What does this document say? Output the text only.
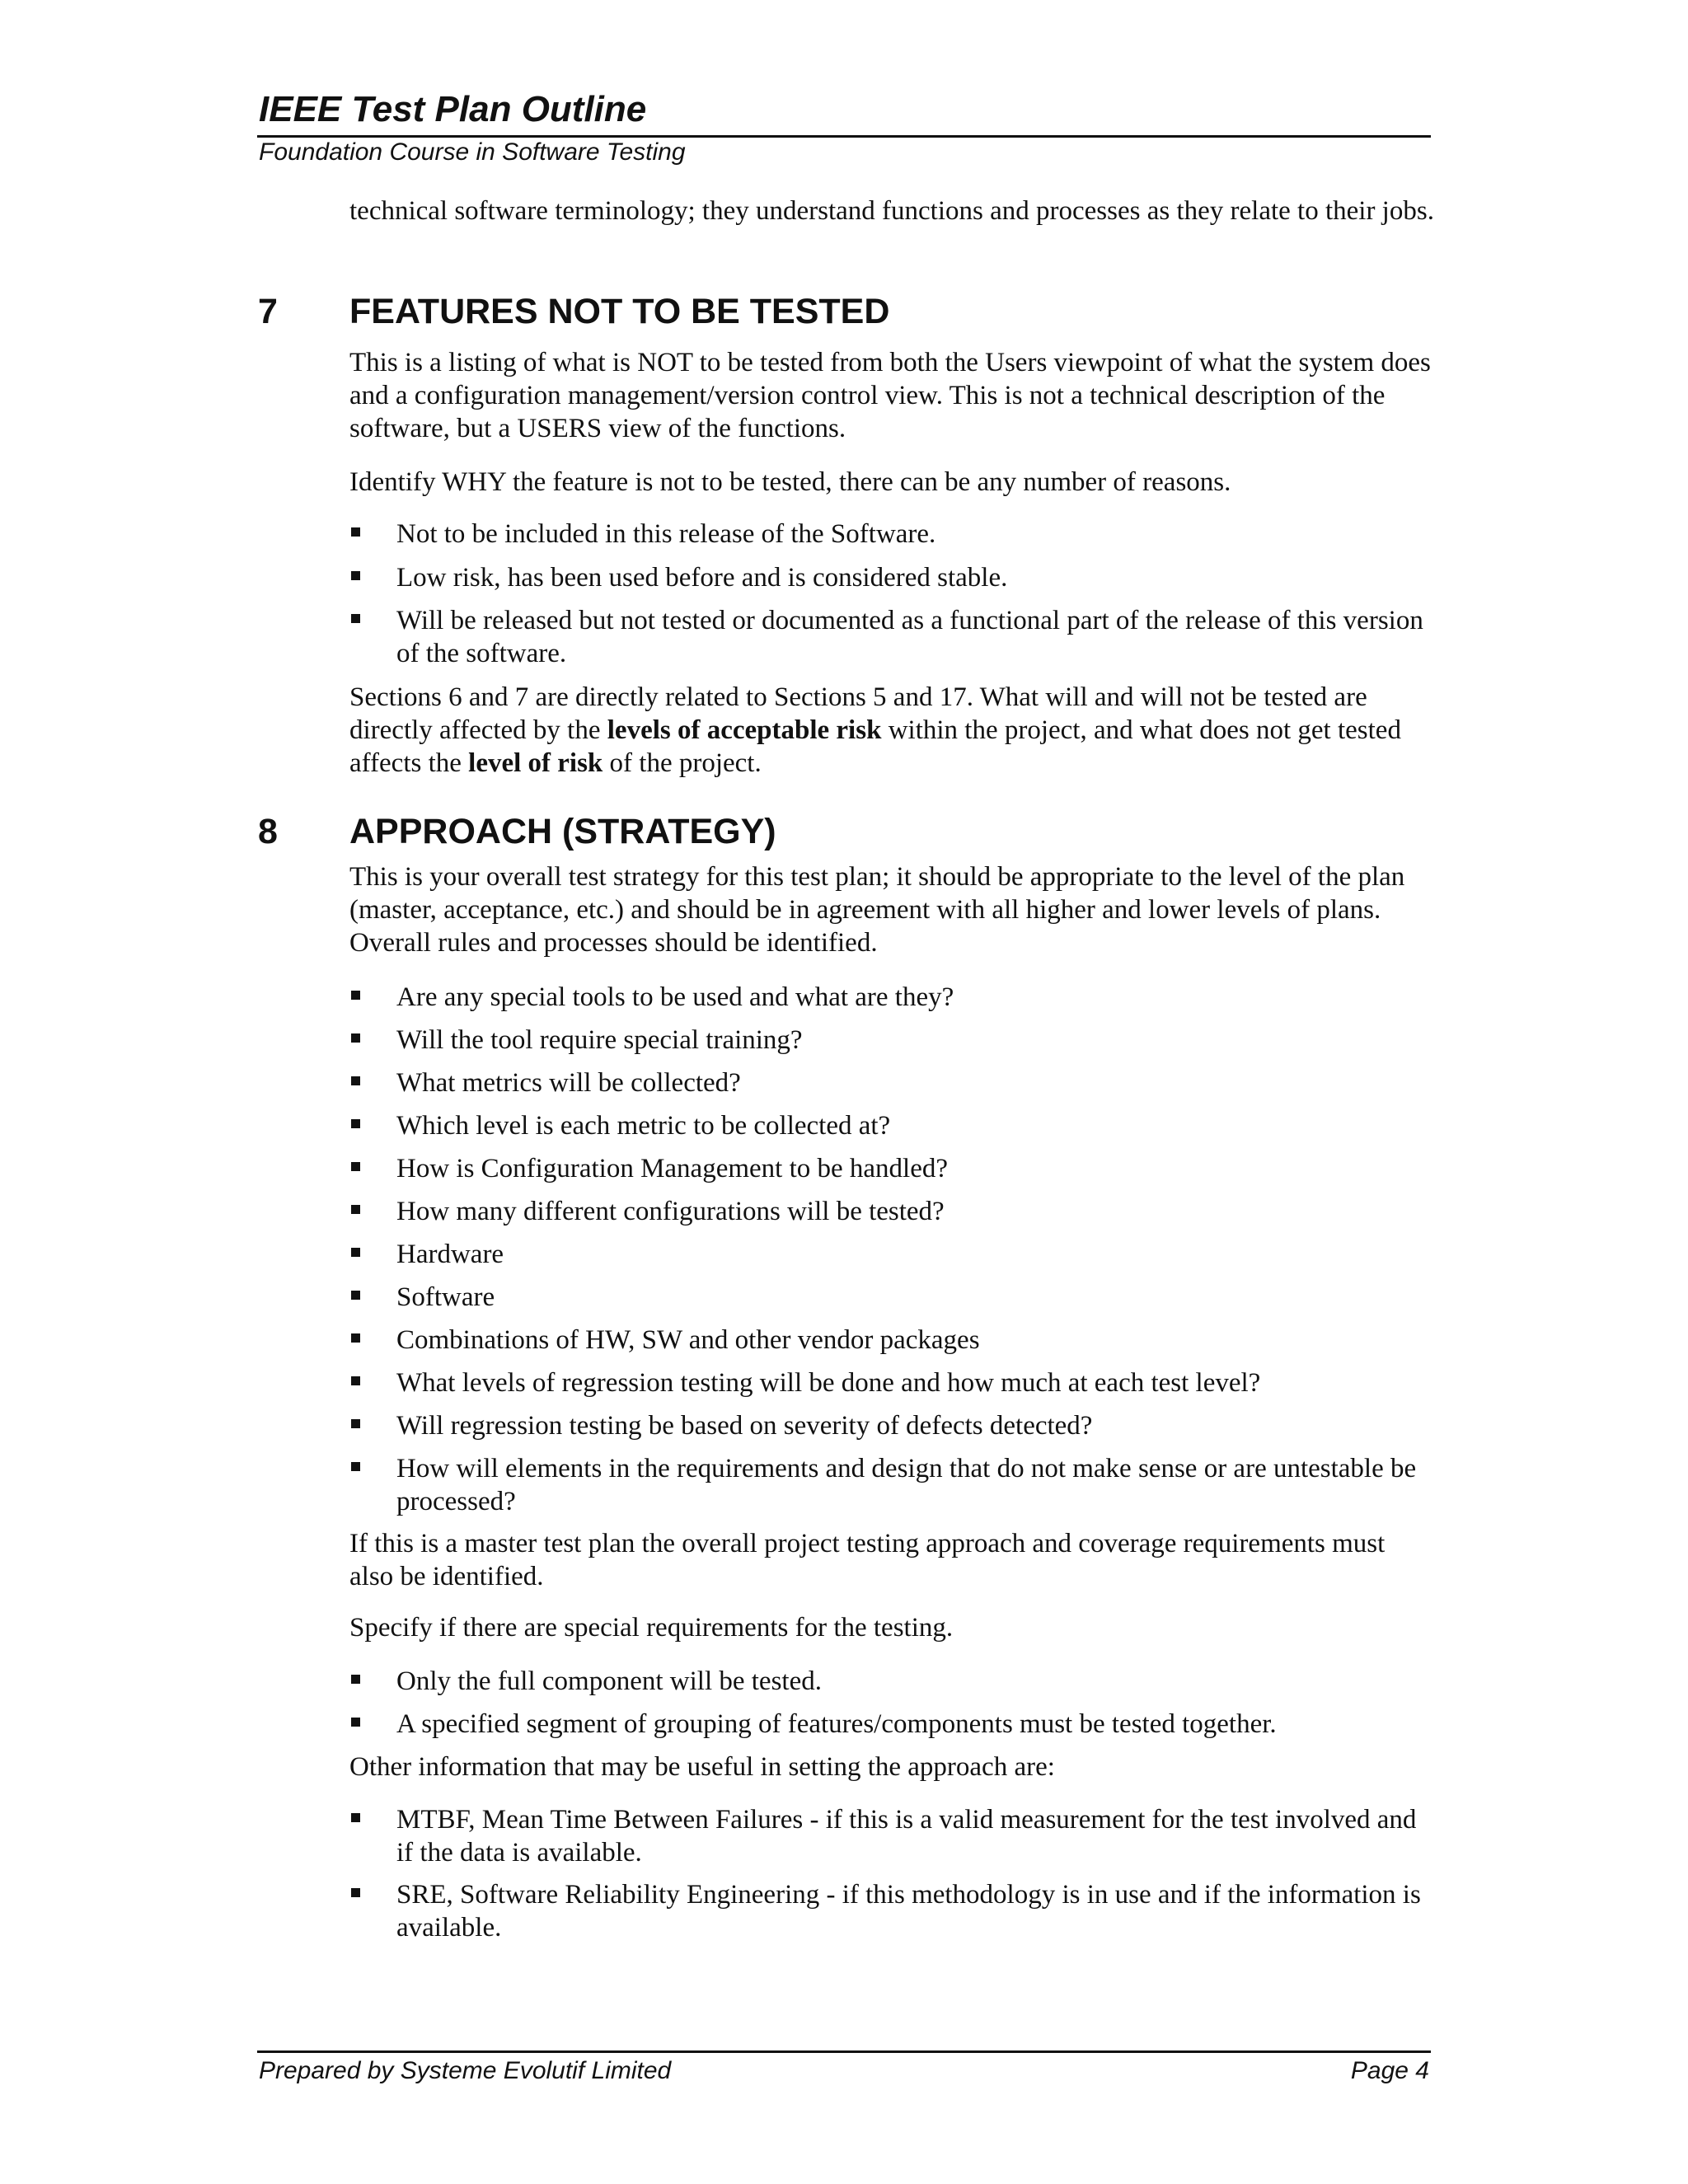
IEEE Test Plan Outline
Foundation Course in Software Testing
technical software terminology; they understand functions and processes as they relate to their jobs.
7 FEATURES NOT TO BE TESTED
This is a listing of what is NOT to be tested from both the Users viewpoint of what the system does and a configuration management/version control view. This is not a technical description of the software, but a USERS view of the functions.
Identify WHY the feature is not to be tested, there can be any number of reasons.
Not to be included in this release of the Software.
Low risk, has been used before and is considered stable.
Will be released but not tested or documented as a functional part of the release of this version of the software.
Sections 6 and 7 are directly related to Sections 5 and 17. What will and will not be tested are directly affected by the levels of acceptable risk within the project, and what does not get tested affects the level of risk of the project.
8 APPROACH (STRATEGY)
This is your overall test strategy for this test plan; it should be appropriate to the level of the plan (master, acceptance, etc.) and should be in agreement with all higher and lower levels of plans. Overall rules and processes should be identified.
Are any special tools to be used and what are they?
Will the tool require special training?
What metrics will be collected?
Which level is each metric to be collected at?
How is Configuration Management to be handled?
How many different configurations will be tested?
Hardware
Software
Combinations of HW, SW and other vendor packages
What levels of regression testing will be done and how much at each test level?
Will regression testing be based on severity of defects detected?
How will elements in the requirements and design that do not make sense or are untestable be processed?
If this is a master test plan the overall project testing approach and coverage requirements must also be identified.
Specify if there are special requirements for the testing.
Only the full component will be tested.
A specified segment of grouping of features/components must be tested together.
Other information that may be useful in setting the approach are:
MTBF, Mean Time Between Failures - if this is a valid measurement for the test involved and if the data is available.
SRE, Software Reliability Engineering - if this methodology is in use and if the information is available.
Prepared by Systeme Evolutif Limited	Page 4
